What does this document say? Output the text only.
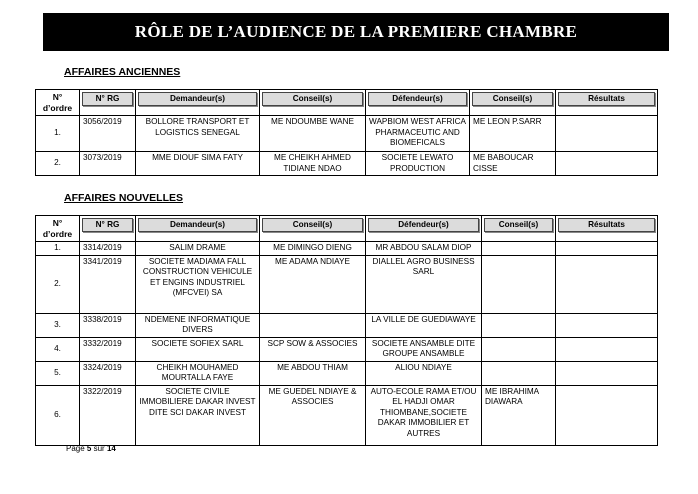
RÔLE DE L’AUDIENCE DE LA PREMIERE CHAMBRE
AFFAIRES ANCIENNES
N°
d’ordre	N° RG	Demandeur(s)	Conseil(s)	Défendeur(s)	Conseil(s)	Résultats

1.	3056/2019	BOLLORE TRANSPORT ET LOGISTICS SENEGAL	ME NDOUMBE WANE	WAPBIOM WEST AFRICA PHARMACEUTIC AND BIOMEFICALS	ME LEON P.SARR	
2.	3073/2019	MME DIOUF SIMA FATY	ME CHEIKH AHMED TIDIANE NDAO	SOCIETE LEWATO PRODUCTION	ME BABOUCAR CISSE	
AFFAIRES NOUVELLES
N°
d’ordre	N° RG	Demandeur(s)	Conseil(s)	Défendeur(s)	Conseil(s)	Résultats

1.	3314/2019	SALIM DRAME	ME DIMINGO DIENG	MR ABDOU SALAM DIOP		
2.	3341/2019	SOCIETE MADIAMA FALL CONSTRUCTION VEHICULE ET ENGINS INDUSTRIEL (MFCVEI) SA	ME ADAMA NDIAYE	DIALLEL AGRO BUSINESS SARL		
3.	3338/2019	NDEMENE INFORMATIQUE DIVERS		LA VILLE DE GUEDIAWAYE		
4.	3332/2019	SOCIETE SOFIEX SARL	SCP SOW & ASSOCIES	SOCIETE ANSAMBLE DITE GROUPE ANSAMBLE		
5.	3324/2019	CHEIKH MOUHAMED MOURTALLA FAYE	ME ABDOU THIAM	ALIOU NDIAYE		
6.	3322/2019	SOCIETE CIVILE IMMOBILIERE DAKAR INVEST DITE SCI DAKAR INVEST	ME GUEDEL NDIAYE & ASSOCIES	AUTO-ECOLE RAMA ET/OU EL HADJI OMAR THIOMBANE,SOCIETE DAKAR IMMOBILIER ET AUTRES	ME IBRAHIMA DIAWARA	
Page 5 sur 14
